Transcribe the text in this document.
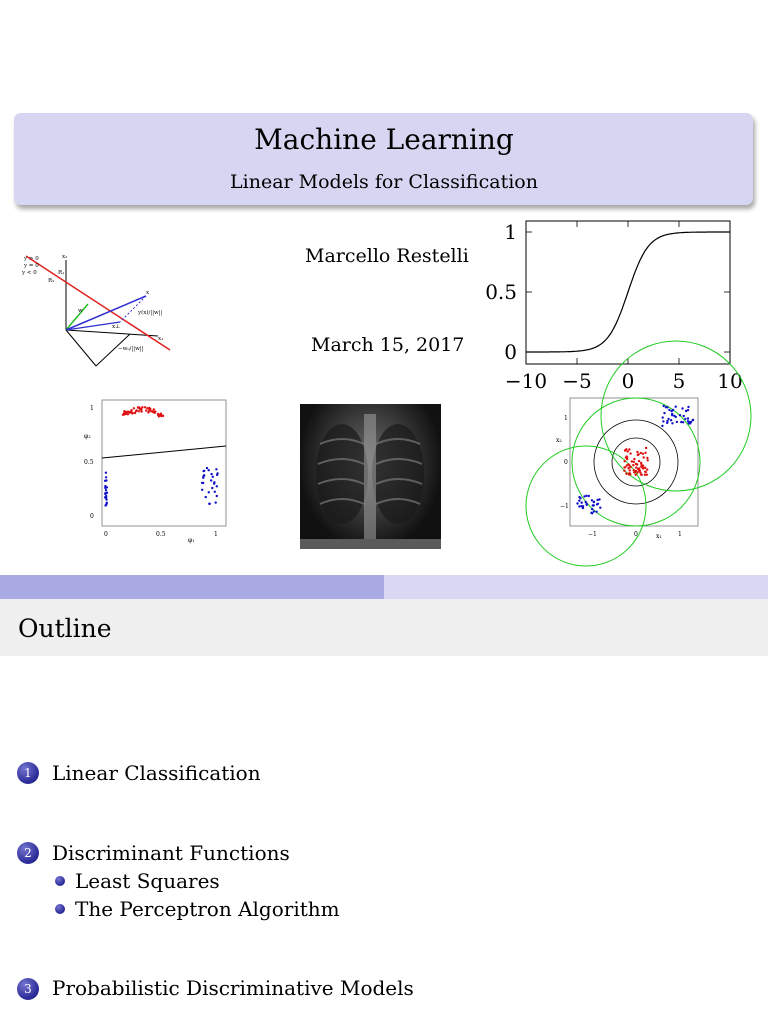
Machine Learning
Linear Models for Classification
Marcello Restelli
March 15, 2017
y > 0
y = 0
y < 0	R₁
R₂
x₂
x₁
x
w
x⊥
y(x)/||w||
−w₀/||w||
1
0.5
0
−10 −5 0 5 10
1
0.5
0
0	0.5	1
φ₁
φ₂
1
0
−1
−1	0	1
x₁
x₂
Outline
1	Linear Classification
2	Discriminant Functions
Least Squares
The Perceptron Algorithm
3	Probabilistic Discriminative Models
